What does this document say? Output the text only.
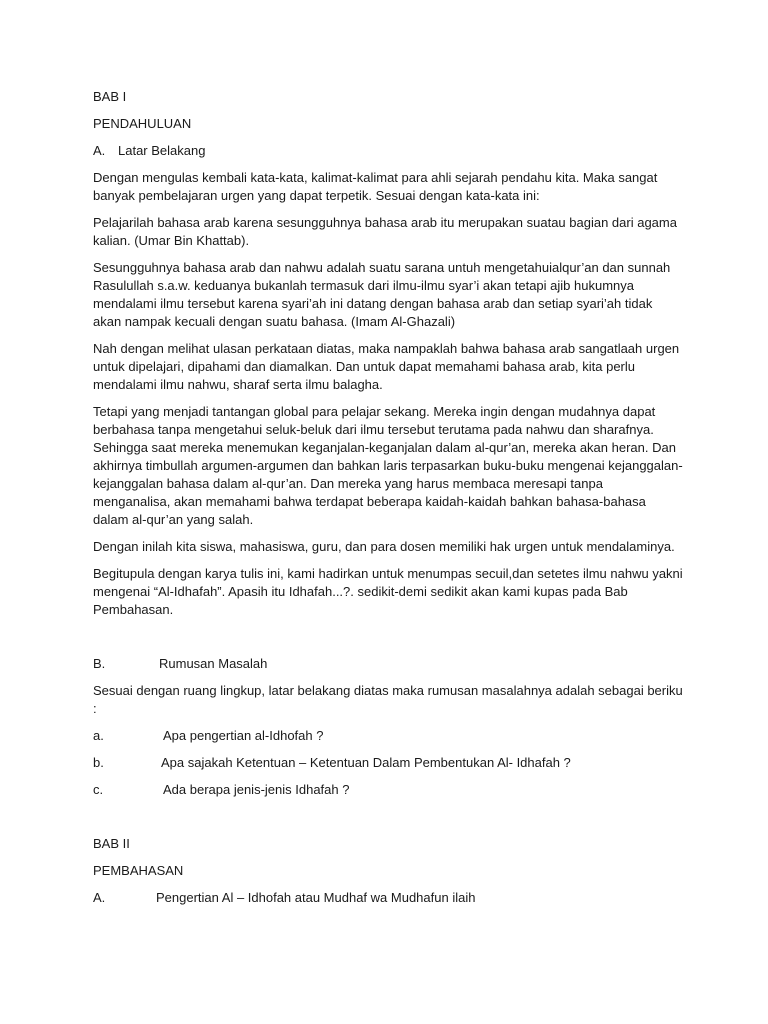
BAB I

PENDAHULUAN

A. Latar Belakang

Dengan mengulas kembali kata-kata, kalimat-kalimat para ahli sejarah pendahu kita. Maka sangat banyak pembelajaran urgen yang dapat terpetik. Sesuai dengan kata-kata ini:

Pelajarilah bahasa arab karena sesungguhnya bahasa arab itu merupakan suatau bagian dari agama kalian. (Umar Bin Khattab).

Sesungguhnya bahasa arab dan nahwu adalah suatu sarana untuh mengetahuialqur’an dan sunnah Rasulullah s.a.w. keduanya bukanlah termasuk dari ilmu-ilmu syar’i akan tetapi ajib hukumnya mendalami ilmu tersebut karena syari’ah ini datang dengan bahasa arab dan setiap syari’ah tidak akan nampak kecuali dengan suatu bahasa. (Imam Al-Ghazali)

Nah dengan melihat ulasan perkataan diatas, maka nampaklah bahwa bahasa arab sangatlaah urgen untuk dipelajari, dipahami dan diamalkan. Dan untuk dapat memahami bahasa arab, kita perlu mendalami ilmu nahwu, sharaf serta ilmu balagha.

Tetapi yang menjadi tantangan global para pelajar sekang. Mereka ingin dengan mudahnya dapat berbahasa tanpa mengetahui seluk-beluk dari ilmu tersebut terutama pada nahwu dan sharafnya. Sehingga saat mereka menemukan keganjalan-keganjalan dalam al-qur’an, mereka akan heran. Dan akhirnya timbullah argumen-argumen dan bahkan laris terpasarkan buku-buku mengenai kejanggalan-kejanggalan bahasa dalam al-qur’an. Dan mereka yang harus membaca meresapi tanpa menganalisa, akan memahami bahwa terdapat beberapa kaidah-kaidah bahkan bahasa-bahasa dalam al-qur’an yang salah.

Dengan inilah kita siswa, mahasiswa, guru, dan para dosen memiliki hak urgen untuk mendalaminya.

Begitupula dengan karya tulis ini, kami hadirkan untuk menumpas secuil,dan setetes ilmu nahwu yakni mengenai “Al-Idhafah”. Apasih itu Idhafah...?. sedikit-demi sedikit akan kami kupas pada Bab Pembahasan.

B.	Rumusan Masalah

Sesuai dengan ruang lingkup, latar belakang diatas maka rumusan masalahnya adalah sebagai beriku :

a.	Apa pengertian al-Idhofah ?
b.	Apa sajakah Ketentuan – Ketentuan Dalam Pembentukan Al- Idhafah ?
c.	Ada berapa jenis-jenis Idhafah ?

BAB II

PEMBAHASAN

A.	Pengertian Al – Idhofah atau Mudhaf wa Mudhafun ilaih
